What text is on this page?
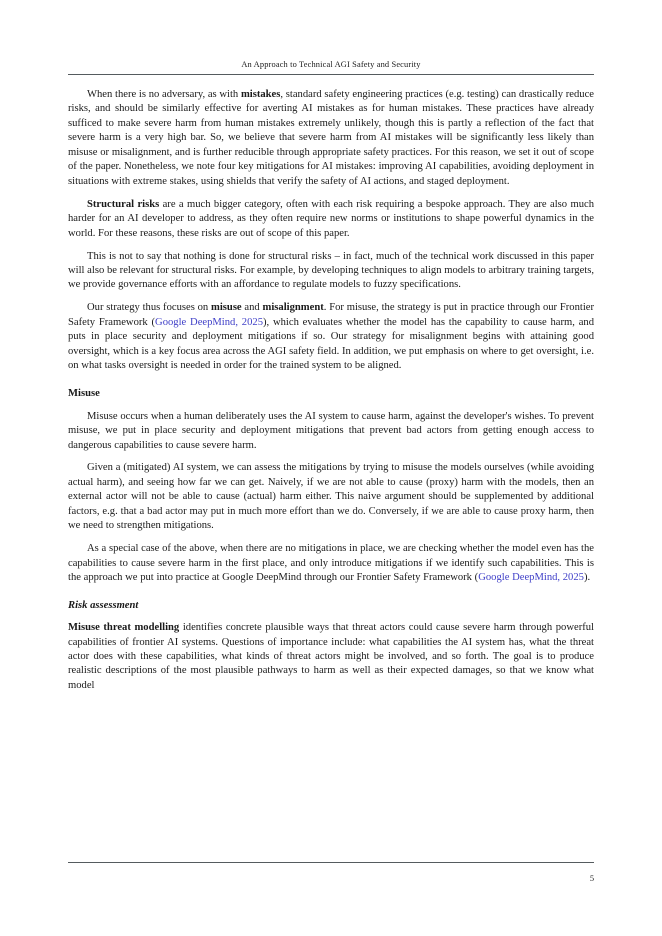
An Approach to Technical AGI Safety and Security

When there is no adversary, as with mistakes, standard safety engineering practices (e.g. testing) can drastically reduce risks, and should be similarly effective for averting AI mistakes as for human mistakes. These practices have already sufficed to make severe harm from human mistakes extremely unlikely, though this is partly a reflection of the fact that severe harm is a very high bar. So, we believe that severe harm from AI mistakes will be significantly less likely than misuse or misalignment, and is further reducible through appropriate safety practices. For this reason, we set it out of scope of the paper. Nonetheless, we note four key mitigations for AI mistakes: improving AI capabilities, avoiding deployment in situations with extreme stakes, using shields that verify the safety of AI actions, and staged deployment.

Structural risks are a much bigger category, often with each risk requiring a bespoke approach. They are also much harder for an AI developer to address, as they often require new norms or institutions to shape powerful dynamics in the world. For these reasons, these risks are out of scope of this paper.

This is not to say that nothing is done for structural risks – in fact, much of the technical work discussed in this paper will also be relevant for structural risks. For example, by developing techniques to align models to arbitrary training targets, we provide governance efforts with an affordance to regulate models to fuzzy specifications.

Our strategy thus focuses on misuse and misalignment. For misuse, the strategy is put in practice through our Frontier Safety Framework (Google DeepMind, 2025), which evaluates whether the model has the capability to cause harm, and puts in place security and deployment mitigations if so. Our strategy for misalignment begins with attaining good oversight, which is a key focus area across the AGI safety field. In addition, we put emphasis on where to get oversight, i.e. on what tasks oversight is needed in order for the trained system to be aligned.

Misuse

Misuse occurs when a human deliberately uses the AI system to cause harm, against the developer's wishes. To prevent misuse, we put in place security and deployment mitigations that prevent bad actors from getting enough access to dangerous capabilities to cause severe harm.

Given a (mitigated) AI system, we can assess the mitigations by trying to misuse the models ourselves (while avoiding actual harm), and seeing how far we can get. Naively, if we are not able to cause (proxy) harm with the models, then an external actor will not be able to cause (actual) harm either. This naive argument should be supplemented by additional factors, e.g. that a bad actor may put in much more effort than we do. Conversely, if we are able to cause proxy harm, then we need to strengthen mitigations.

As a special case of the above, when there are no mitigations in place, we are checking whether the model even has the capabilities to cause severe harm in the first place, and only introduce mitigations if we identify such capabilities. This is the approach we put into practice at Google DeepMind through our Frontier Safety Framework (Google DeepMind, 2025).

Risk assessment

Misuse threat modelling identifies concrete plausible ways that threat actors could cause severe harm through powerful capabilities of frontier AI systems. Questions of importance include: what capabilities the AI system has, what the threat actor does with these capabilities, what kinds of threat actors might be involved, and so forth. The goal is to produce realistic descriptions of the most plausible pathways to harm as well as their expected damages, so that we know what model

5
